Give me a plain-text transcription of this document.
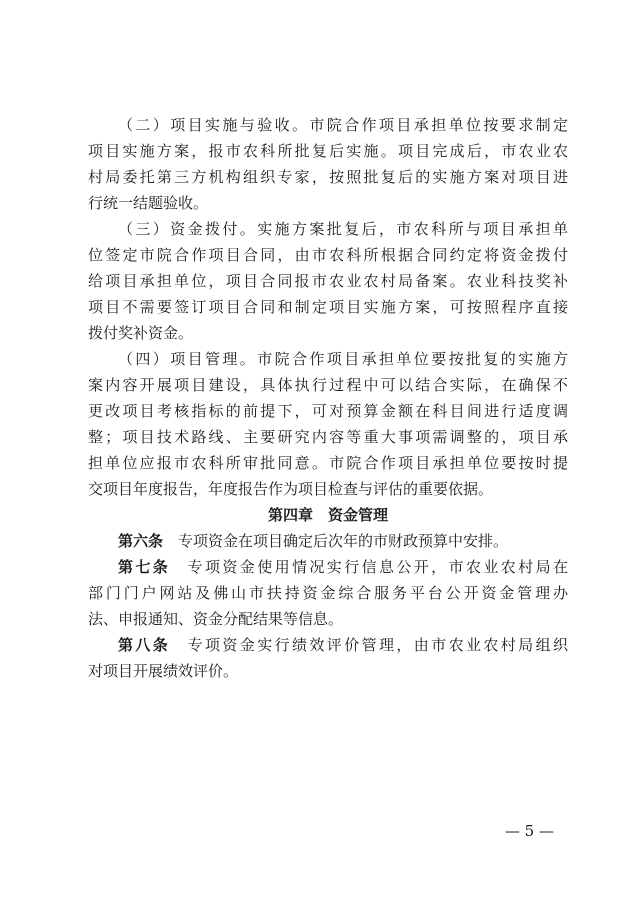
（二）项目实施与验收。市院合作项目承担单位按要求制定
项目实施方案，报市农科所批复后实施。项目完成后，市农业农
村局委托第三方机构组织专家，按照批复后的实施方案对项目进
行统一结题验收。
（三）资金拨付。实施方案批复后，市农科所与项目承担单
位签定市院合作项目合同，由市农科所根据合同约定将资金拨付
给项目承担单位，项目合同报市农业农村局备案。农业科技奖补
项目不需要签订项目合同和制定项目实施方案，可按照程序直接
拨付奖补资金。
（四）项目管理。市院合作项目承担单位要按批复的实施方
案内容开展项目建设，具体执行过程中可以结合实际，在确保不
更改项目考核指标的前提下，可对预算金额在科目间进行适度调
整；项目技术路线、主要研究内容等重大事项需调整的，项目承
担单位应报市农科所审批同意。市院合作项目承担单位要按时提
交项目年度报告，年度报告作为项目检查与评估的重要依据。
第四章　资金管理
第六条　专项资金在项目确定后次年的市财政预算中安排。
第七条　专项资金使用情况实行信息公开，市农业农村局在
部门门户网站及佛山市扶持资金综合服务平台公开资金管理办
法、申报通知、资金分配结果等信息。
第八条　专项资金实行绩效评价管理，由市农业农村局组织
对项目开展绩效评价。
— 5 —
